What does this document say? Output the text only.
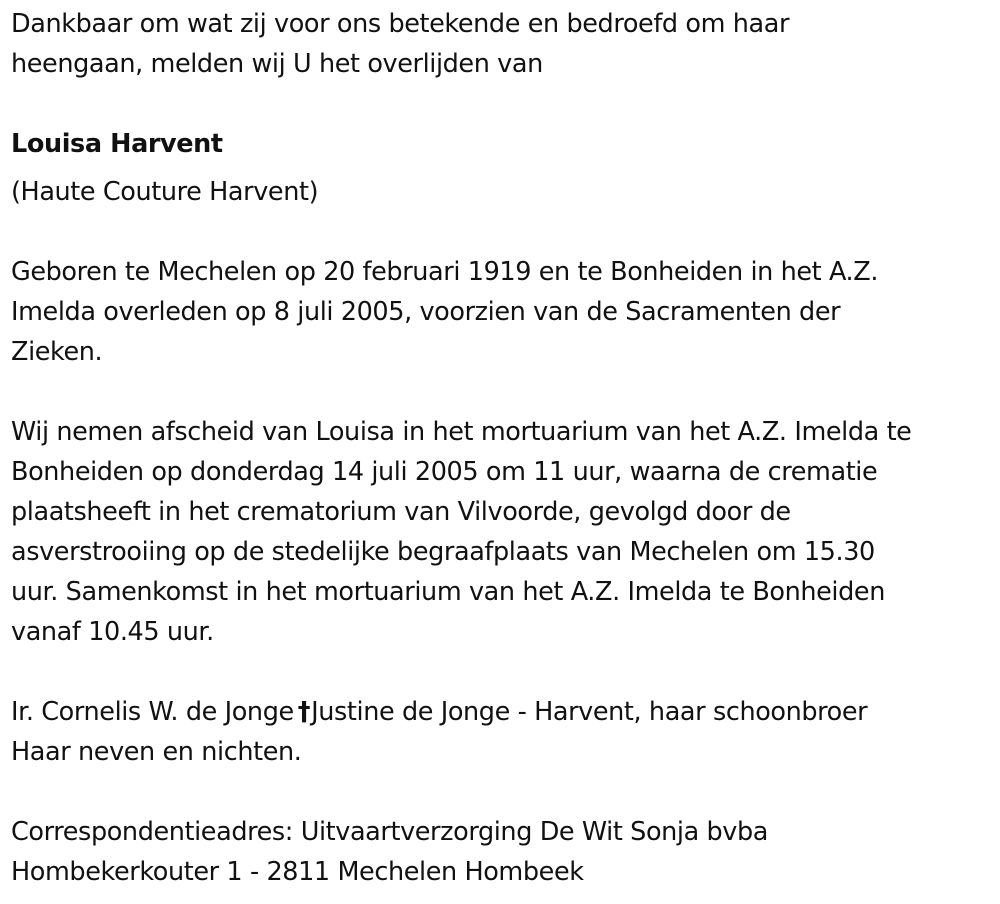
Dankbaar om wat zij voor ons betekende en bedroefd om haar
heengaan, melden wij U het overlijden van

Louisa Harvent

(Haute Couture Harvent)

Geboren te Mechelen op 20 februari 1919 en te Bonheiden in het A.Z.
Imelda overleden op 8 juli 2005, voorzien van de Sacramenten der
Zieken.

Wij nemen afscheid van Louisa in het mortuarium van het A.Z. Imelda te
Bonheiden op donderdag 14 juli 2005 om 11 uur, waarna de crematie
plaatsheeft in het crematorium van Vilvoorde, gevolgd door de
asverstrooiing op de stedelijke begraafplaats van Mechelen om 15.30
uur. Samenkomst in het mortuarium van het A.Z. Imelda te Bonheiden
vanaf 10.45 uur.

Ir. Cornelis W. de Jonge †Justine de Jonge - Harvent, haar schoonbroer
Haar neven en nichten.

Correspondentieadres: Uitvaartverzorging De Wit Sonja bvba
Hombekerkouter 1 - 2811 Mechelen Hombeek
